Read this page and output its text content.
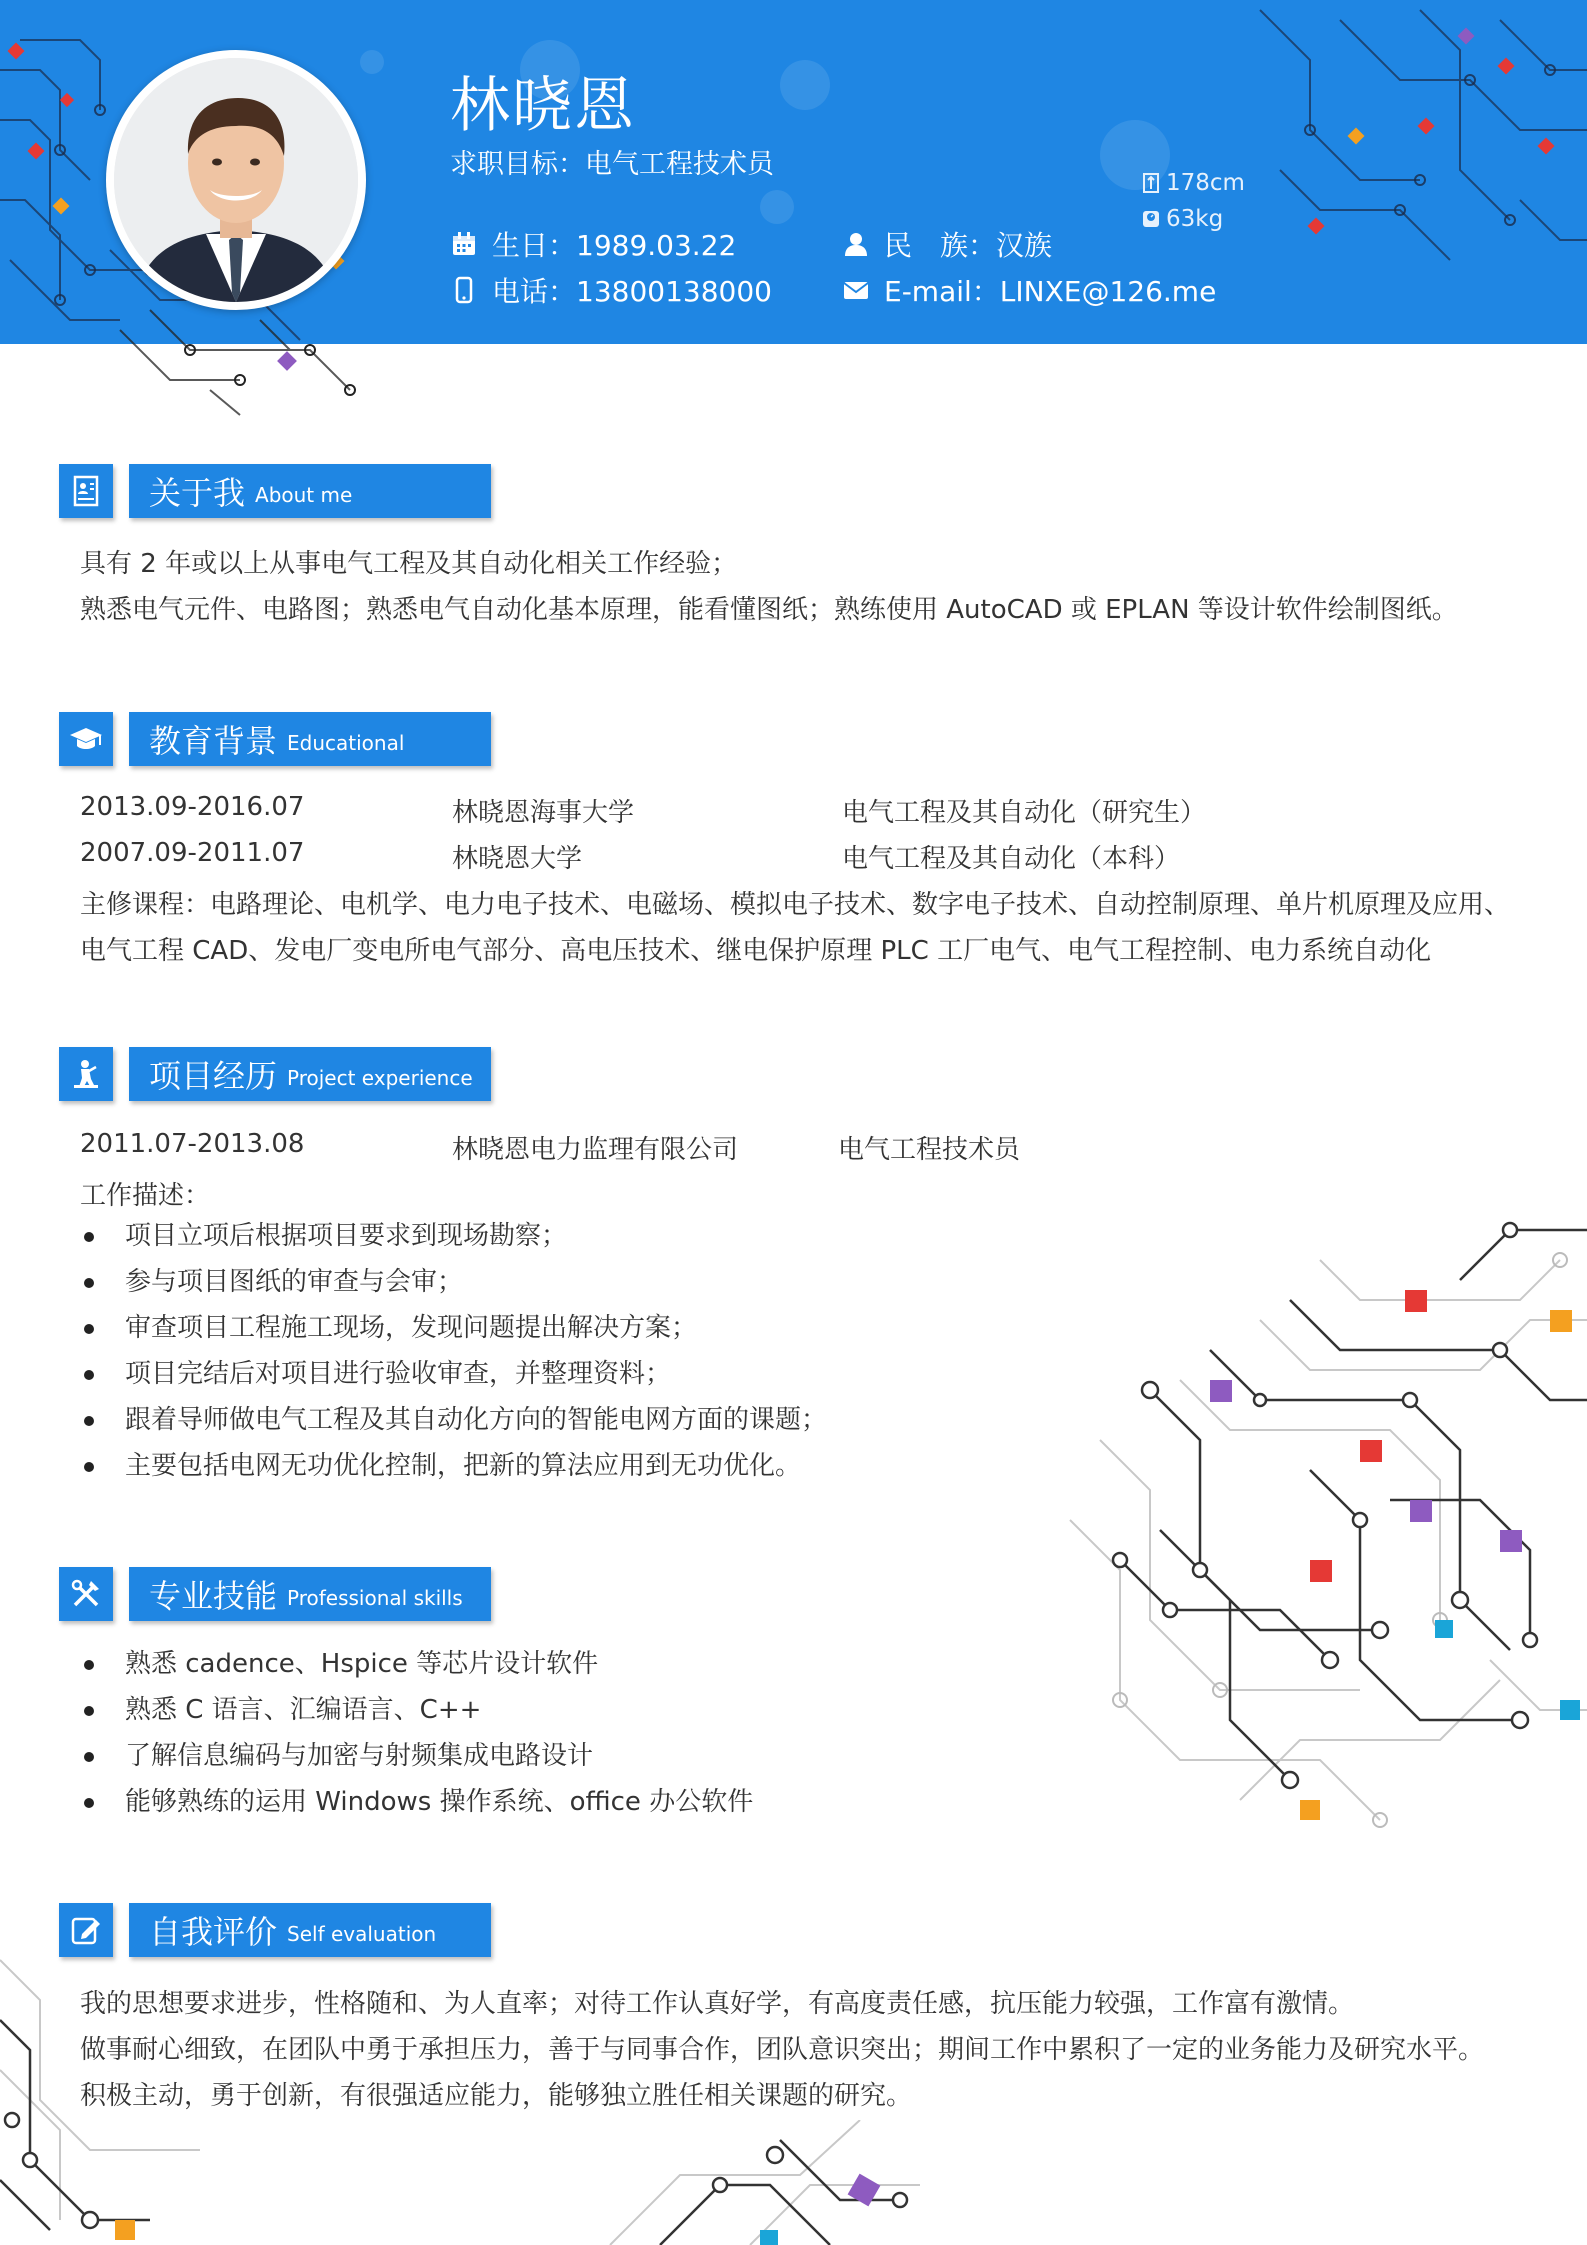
林晓恩
求职目标：电气工程技术员
生日：1989.03.22
电话：13800138000
民　族：汉族
E-mail：LINXE@126.me
178cm
63kg
关于我 About me
具有 2 年或以上从事电气工程及其自动化相关工作经验；
熟悉电气元件、电路图；熟悉电气自动化基本原理，能看懂图纸；熟练使用 AutoCAD 或 EPLAN 等设计软件绘制图纸。
教育背景 Educational
2013.09-2016.07	林晓恩海事大学	电气工程及其自动化（研究生）
2007.09-2011.07	林晓恩大学	电气工程及其自动化（本科）
主修课程：电路理论、电机学、电力电子技术、电磁场、模拟电子技术、数字电子技术、自动控制原理、单片机原理及应用、
电气工程 CAD、发电厂变电所电气部分、高电压技术、继电保护原理 PLC 工厂电气、电气工程控制、电力系统自动化
项目经历 Project experience
2011.07-2013.08	林晓恩电力监理有限公司	电气工程技术员
工作描述：
项目立项后根据项目要求到现场勘察；
参与项目图纸的审查与会审；
审查项目工程施工现场，发现问题提出解决方案；
项目完结后对项目进行验收审查，并整理资料；
跟着导师做电气工程及其自动化方向的智能电网方面的课题；
主要包括电网无功优化控制，把新的算法应用到无功优化。
专业技能 Professional skills
熟悉 cadence、Hspice 等芯片设计软件
熟悉 C 语言、汇编语言、C++
了解信息编码与加密与射频集成电路设计
能够熟练的运用 Windows 操作系统、office 办公软件
自我评价 Self evaluation
我的思想要求进步，性格随和、为人直率；对待工作认真好学，有高度责任感，抗压能力较强，工作富有激情。
做事耐心细致，在团队中勇于承担压力，善于与同事合作，团队意识突出；期间工作中累积了一定的业务能力及研究水平。
积极主动，勇于创新，有很强适应能力，能够独立胜任相关课题的研究。
